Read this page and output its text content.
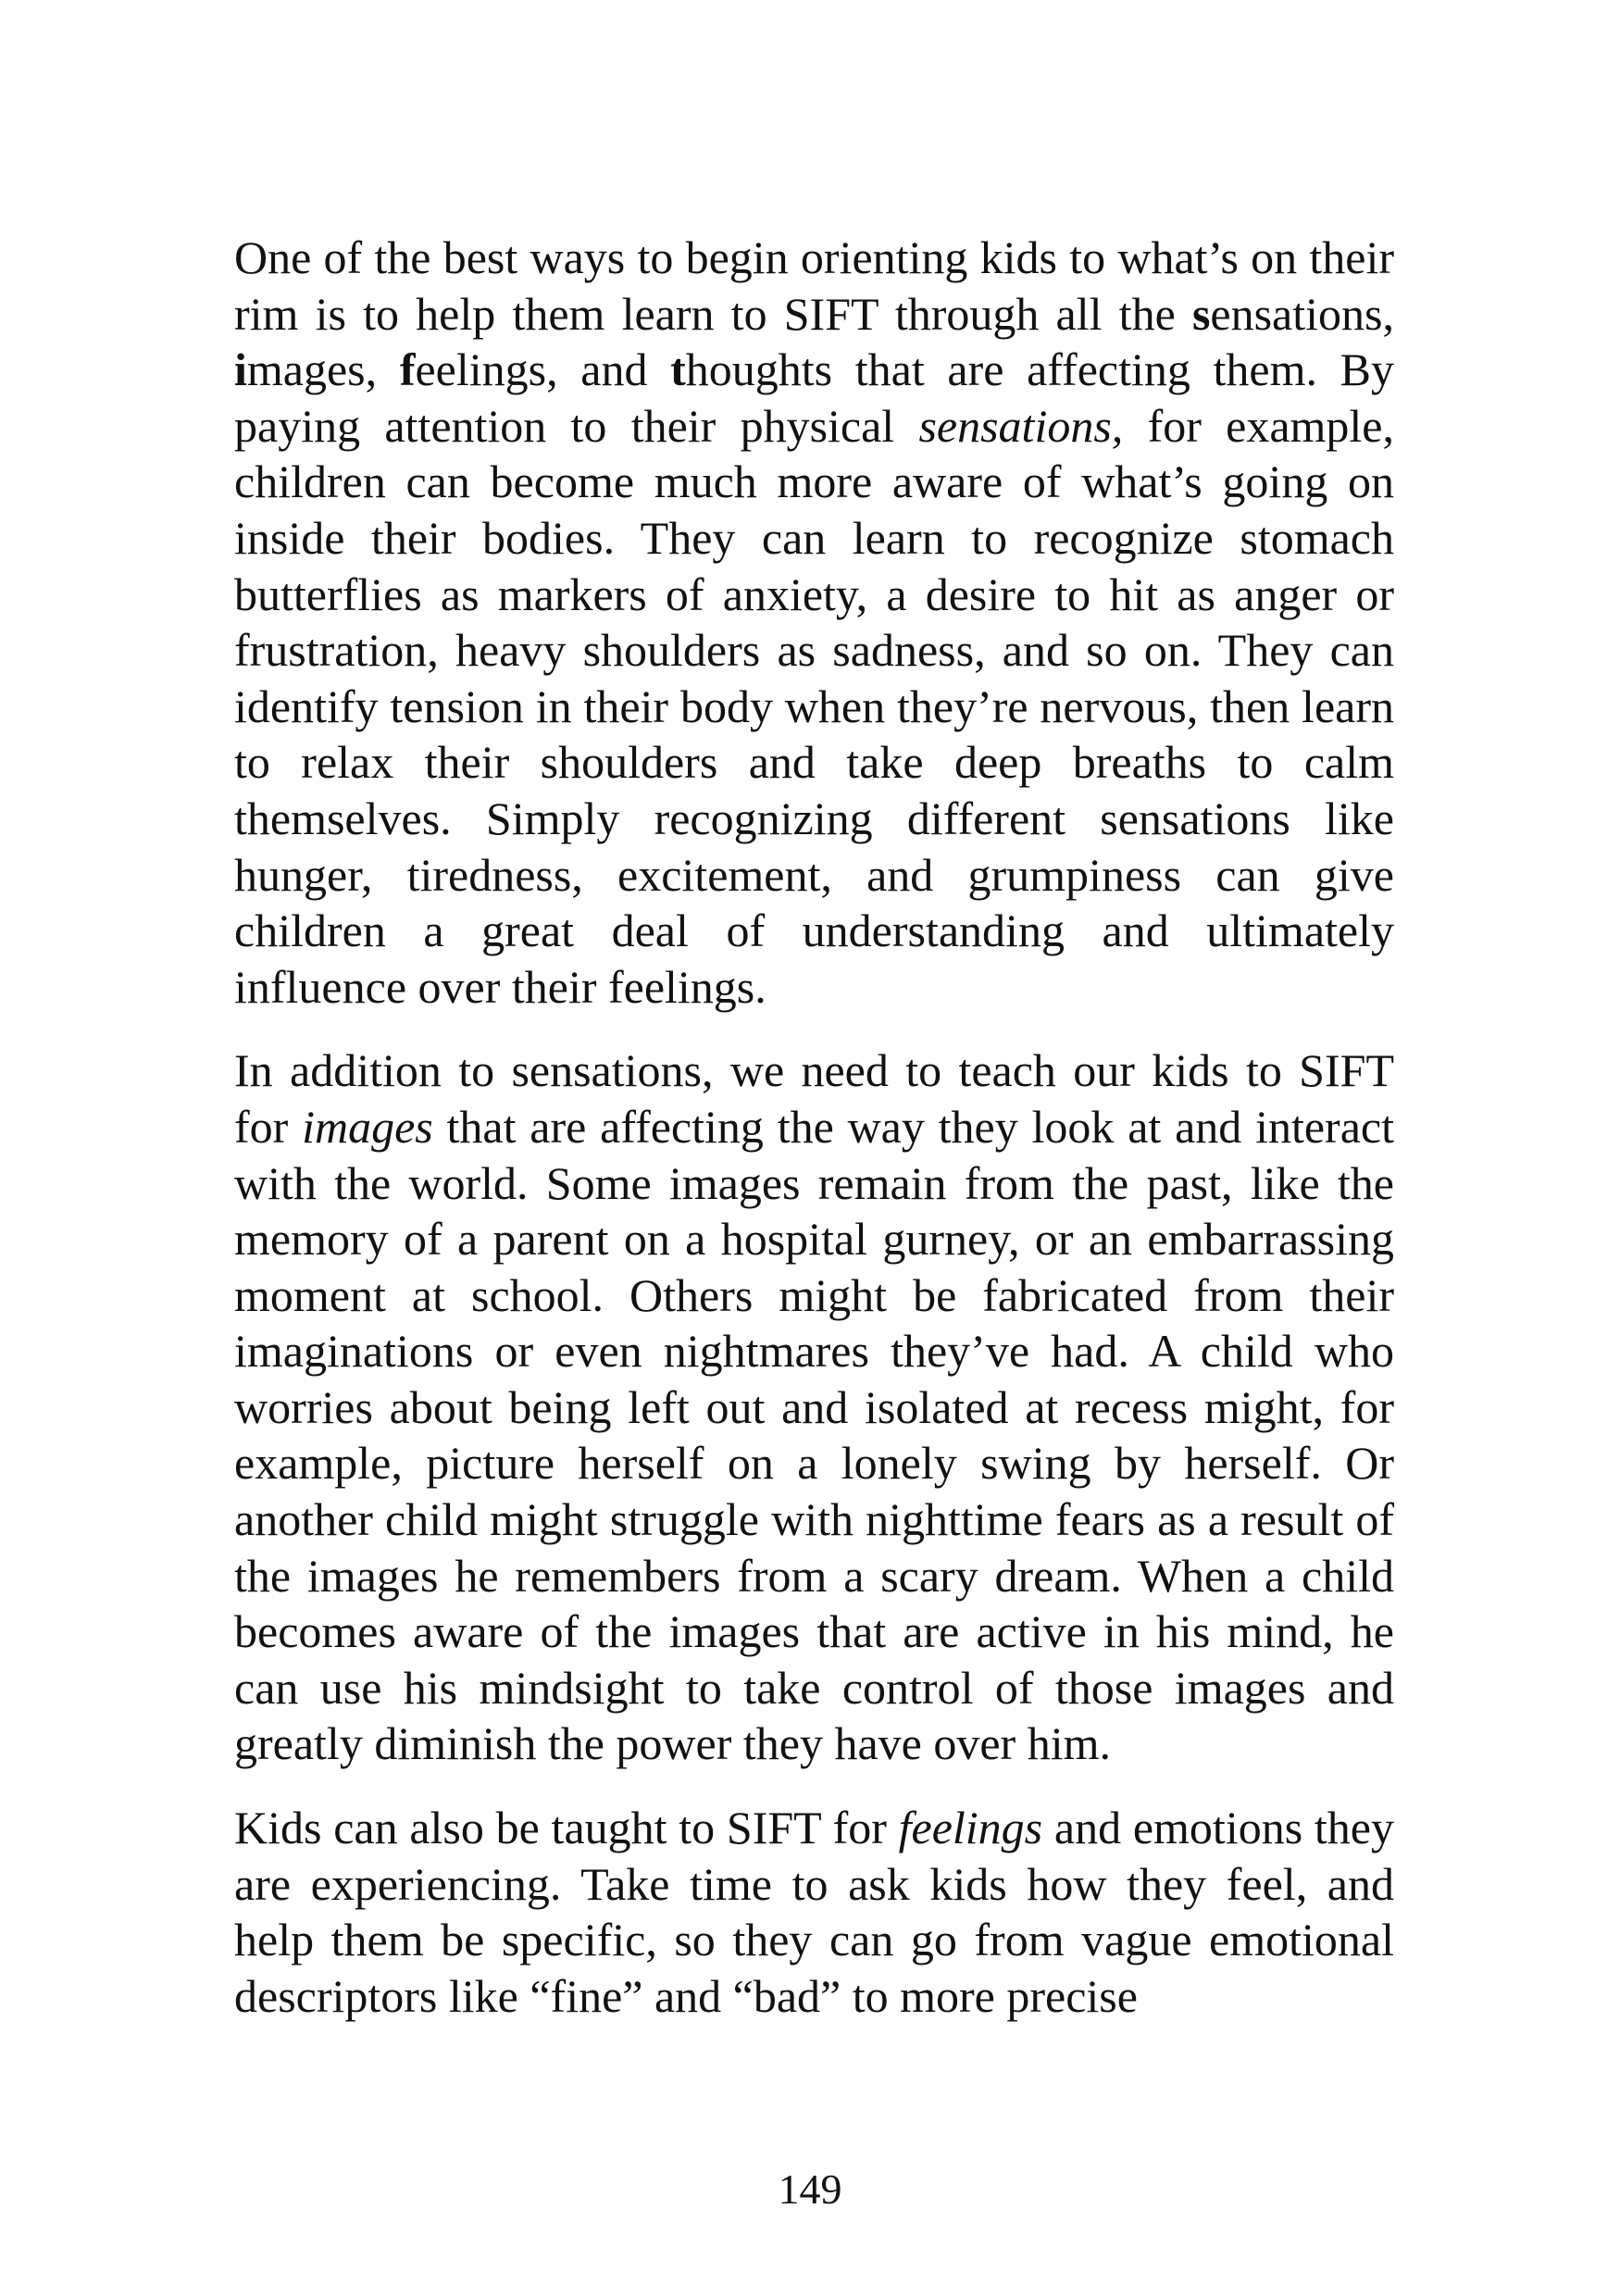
One of the best ways to begin orienting kids to what’s on their rim is to help them learn to SIFT through all the sensations, images, feelings, and thoughts that are affecting them. By paying attention to their physical sensations, for example, children can become much more aware of what’s going on inside their bodies. They can learn to recognize stomach butterflies as markers of anxiety, a desire to hit as anger or frustration, heavy shoulders as sadness, and so on. They can identify tension in their body when they’re nervous, then learn to relax their shoulders and take deep breaths to calm themselves. Simply recognizing different sensations like hunger, tiredness, excitement, and grumpiness can give children a great deal of understanding and ultimately influence over their feelings.

In addition to sensations, we need to teach our kids to SIFT for images that are affecting the way they look at and interact with the world. Some images remain from the past, like the memory of a parent on a hospital gurney, or an embarrassing moment at school. Others might be fabricated from their imaginations or even nightmares they’ve had. A child who worries about being left out and isolated at recess might, for example, picture herself on a lonely swing by herself. Or another child might struggle with nighttime fears as a result of the images he remembers from a scary dream. When a child becomes aware of the images that are active in his mind, he can use his mindsight to take control of those images and greatly diminish the power they have over him.

Kids can also be taught to SIFT for feelings and emotions they are experiencing. Take time to ask kids how they feel, and help them be specific, so they can go from vague emotional descriptors like “fine” and “bad” to more precise

149
